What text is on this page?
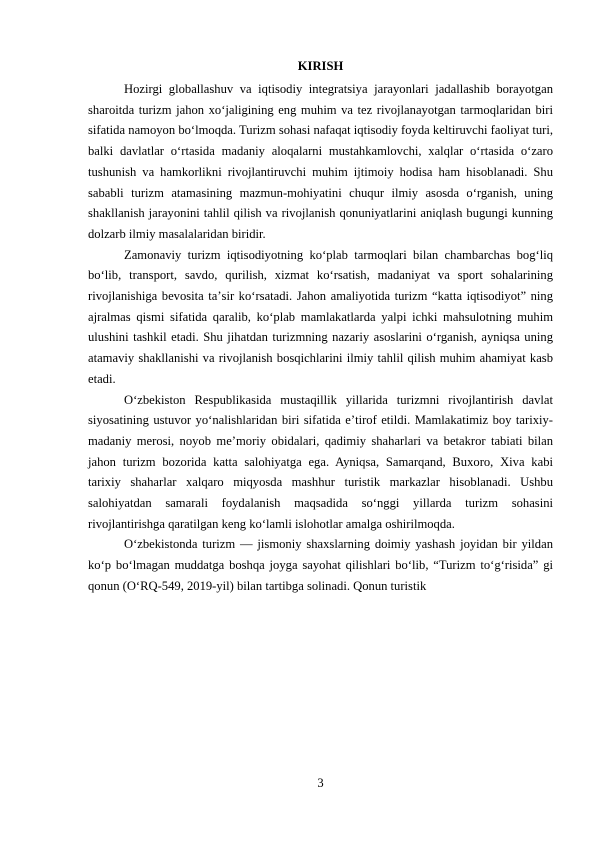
KIRISH

Hozirgi globallashuv va iqtisodiy integratsiya jarayonlari jadallashib borayotgan sharoitda turizm jahon xoʻjaligining eng muhim va tez rivojlanayotgan tarmoqlaridan biri sifatida namoyon boʻlmoqda. Turizm sohasi nafaqat iqtisodiy foyda keltiruvchi faoliyat turi, balki davlatlar oʻrtasida madaniy aloqalarni mustahkamlovchi, xalqlar oʻrtasida oʻzaro tushunish va hamkorlikni rivojlantiruvchi muhim ijtimoiy hodisa ham hisoblanadi. Shu sababli turizm atamasining mazmun-mohiyatini chuqur ilmiy asosda oʻrganish, uning shakllanish jarayonini tahlil qilish va rivojlanish qonuniyatlarini aniqlash bugungi kunning dolzarb ilmiy masalalaridan biridir.

Zamonaviy turizm iqtisodiyotning koʻplab tarmoqlari bilan chambarchas bog‘liq boʻlib, transport, savdo, qurilish, xizmat koʻrsatish, madaniyat va sport sohalarining rivojlanishiga bevosita taʼsir koʻrsatadi. Jahon amaliyotida turizm “katta iqtisodiyot” ning ajralmas qismi sifatida qaralib, koʻplab mamlakatlarda yalpi ichki mahsulotning muhim ulushini tashkil etadi. Shu jihatdan turizmning nazariy asoslarini oʻrganish, ayniqsa uning atamaviy shakllanishi va rivojlanish bosqichlarini ilmiy tahlil qilish muhim ahamiyat kasb etadi.

Oʻzbekiston Respublikasida mustaqillik yillarida turizmni rivojlantirish davlat siyosatining ustuvor yoʻnalishlaridan biri sifatida eʼtirof etildi. Mamlakatimiz boy tarixiy-madaniy merosi, noyob meʼmoriy obidalari, qadimiy shaharlari va betakror tabiati bilan jahon turizm bozorida katta salohiyatga ega. Ayniqsa, Samarqand, Buxoro, Xiva kabi tarixiy shaharlar xalqaro miqyosda mashhur turistik markazlar hisoblanadi. Ushbu salohiyatdan samarali foydalanish maqsadida soʻnggi yillarda turizm sohasini rivojlantirishga qaratilgan keng koʻlamli islohotlar amalga oshirilmoqda.

Oʻzbekistonda turizm — jismoniy shaxslarning doimiy yashash joyidan bir yildan koʻp boʻlmagan muddatga boshqa joyga sayohat qilishlari boʻlib, “Turizm toʻgʻrisida” gi qonun (OʻRQ-549, 2019-yil) bilan tartibga solinadi. Qonun turistik

3
